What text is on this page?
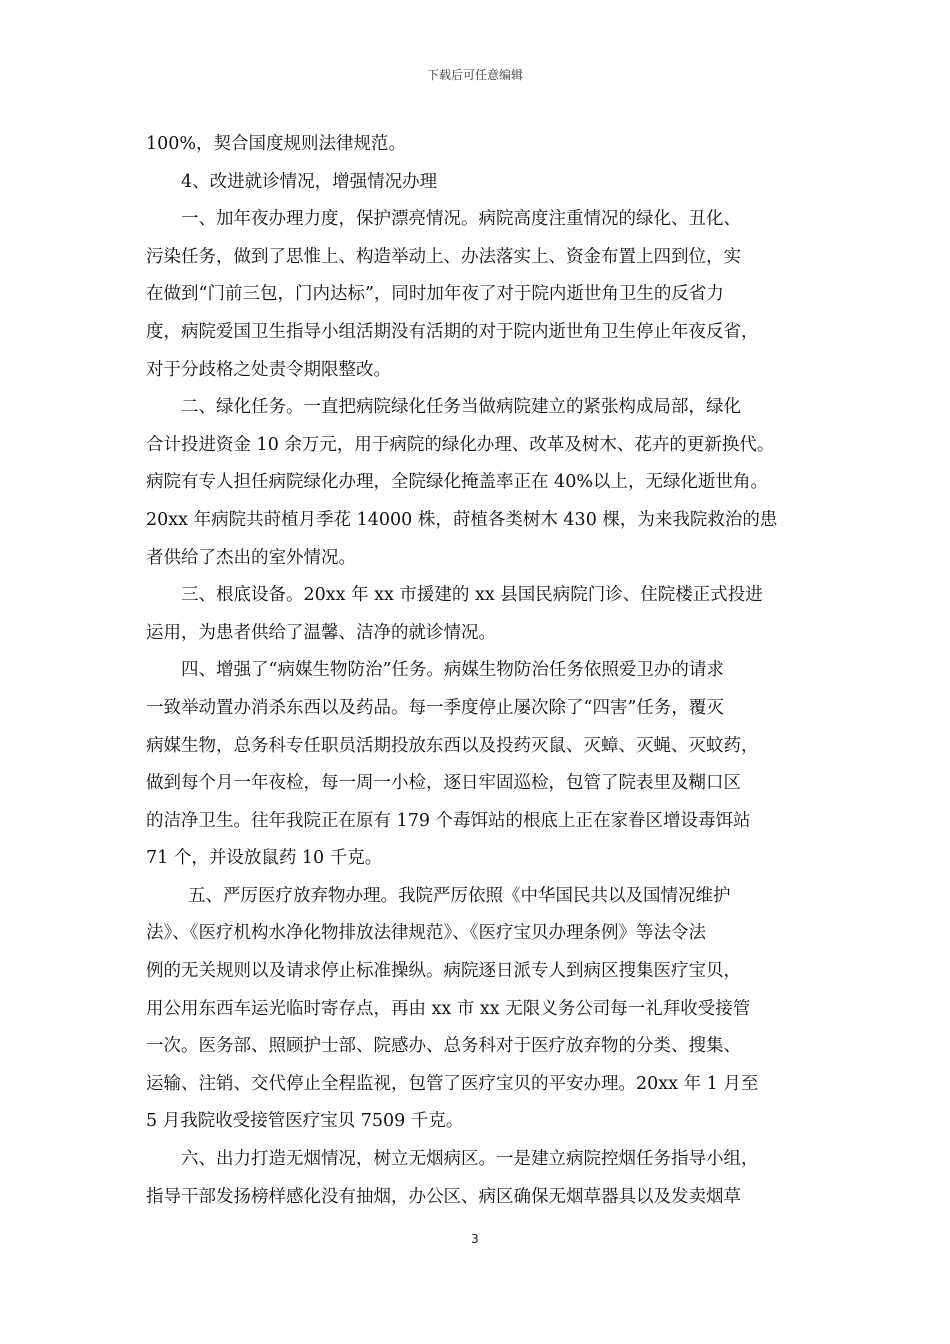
下载后可任意编辑
100%，契合国度规则法律规范。
4、改进就诊情况，增强情况办理
一、加年夜办理力度，保护漂亮情况。病院高度注重情况的绿化、丑化、
污染任务，做到了思惟上、构造举动上、办法落实上、资金布置上四到位，实
在做到“门前三包，门内达标”，同时加年夜了对于院内逝世角卫生的反省力
度，病院爱国卫生指导小组活期没有活期的对于院内逝世角卫生停止年夜反省，
对于分歧格之处责令期限整改。
二、绿化任务。一直把病院绿化任务当做病院建立的紧张构成局部，绿化
合计投进资金 10 余万元，用于病院的绿化办理、改革及树木、花卉的更新换代。
病院有专人担任病院绿化办理，全院绿化掩盖率正在 40%以上，无绿化逝世角。
20xx 年病院共莳植月季花 14000 株，莳植各类树木 430 棵，为来我院救治的患
者供给了杰出的室外情况。
三、根底设备。20xx 年 xx 市援建的 xx 县国民病院门诊、住院楼正式投进
运用，为患者供给了温馨、洁净的就诊情况。
四、增强了“病媒生物防治”任务。病媒生物防治任务依照爱卫办的请求
一致举动置办消杀东西以及药品。每一季度停止屡次除了“四害”任务，覆灭
病媒生物，总务科专任职员活期投放东西以及投药灭鼠、灭蟑、灭蝇、灭蚊药，
做到每个月一年夜检，每一周一小检，逐日牢固巡检，包管了院表里及糊口区
的洁净卫生。往年我院正在原有 179 个毒饵站的根底上正在家眷区增设毒饵站
71 个，并设放鼠药 10 千克。
五、严厉医疗放弃物办理。我院严厉依照《中华国民共以及国情况维护
法》、《医疗机构水净化物排放法律规范》、《医疗宝贝办理条例》等法令法
例的无关规则以及请求停止标准操纵。病院逐日派专人到病区搜集医疗宝贝，
用公用东西车运光临时寄存点，再由 xx 市 xx 无限义务公司每一礼拜收受接管
一次。医务部、照顾护士部、院感办、总务科对于医疗放弃物的分类、搜集、
运输、注销、交代停止全程监视，包管了医疗宝贝的平安办理。20xx 年 1 月至
5 月我院收受接管医疗宝贝 7509 千克。
六、出力打造无烟情况，树立无烟病区。一是建立病院控烟任务指导小组，
指导干部发扬榜样感化没有抽烟，办公区、病区确保无烟草器具以及发卖烟草
3
